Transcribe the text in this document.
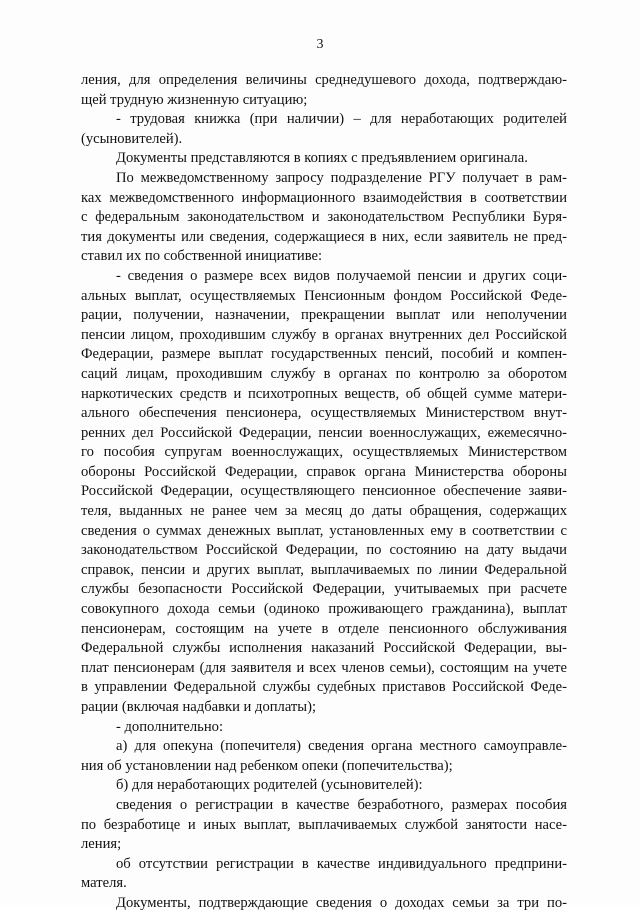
3
ления, для определения величины среднедушевого дохода, подтверждаю-
щей трудную жизненную ситуацию;
- трудовая книжка (при наличии) – для неработающих родителей
(усыновителей).
Документы представляются в копиях с предъявлением оригинала.
По межведомственному запросу подразделение РГУ получает в рам-
ках межведомственного информационного взаимодействия в соответствии
с федеральным законодательством и законодательством Республики Буря-
тия документы или сведения, содержащиеся в них, если заявитель не пред-
ставил их по собственной инициативе:
- сведения о размере всех видов получаемой пенсии и других соци-
альных выплат, осуществляемых Пенсионным фондом Российской Феде-
рации, получении, назначении, прекращении выплат или неполучении
пенсии лицом, проходившим службу в органах внутренних дел Российской
Федерации, размере выплат государственных пенсий, пособий и компен-
саций лицам, проходившим службу в органах по контролю за оборотом
наркотических средств и психотропных веществ, об общей сумме матери-
ального обеспечения пенсионера, осуществляемых Министерством внут-
ренних дел Российской Федерации, пенсии военнослужащих, ежемесячно-
го пособия супругам военнослужащих, осуществляемых Министерством
обороны Российской Федерации, справок органа Министерства обороны
Российской Федерации, осуществляющего пенсионное обеспечение заяви-
теля, выданных не ранее чем за месяц до даты обращения, содержащих
сведения о суммах денежных выплат, установленных ему в соответствии с
законодательством Российской Федерации, по состоянию на дату выдачи
справок, пенсии и других выплат, выплачиваемых по линии Федеральной
службы безопасности Российской Федерации, учитываемых при расчете
совокупного дохода семьи (одиноко проживающего гражданина), выплат
пенсионерам, состоящим на учете в отделе пенсионного обслуживания
Федеральной службы исполнения наказаний Российской Федерации, вы-
плат пенсионерам (для заявителя и всех членов семьи), состоящим на учете
в управлении Федеральной службы судебных приставов Российской Феде-
рации (включая надбавки и доплаты);
- дополнительно:
а) для опекуна (попечителя) сведения органа местного самоуправле-
ния об установлении над ребенком опеки (попечительства);
б) для неработающих родителей (усыновителей):
сведения о регистрации в качестве безработного, размерах пособия
по безработице и иных выплат, выплачиваемых службой занятости насе-
ления;
об отсутствии регистрации в качестве индивидуального предприни-
мателя.
Документы, подтверждающие сведения о доходах семьи за три по-
